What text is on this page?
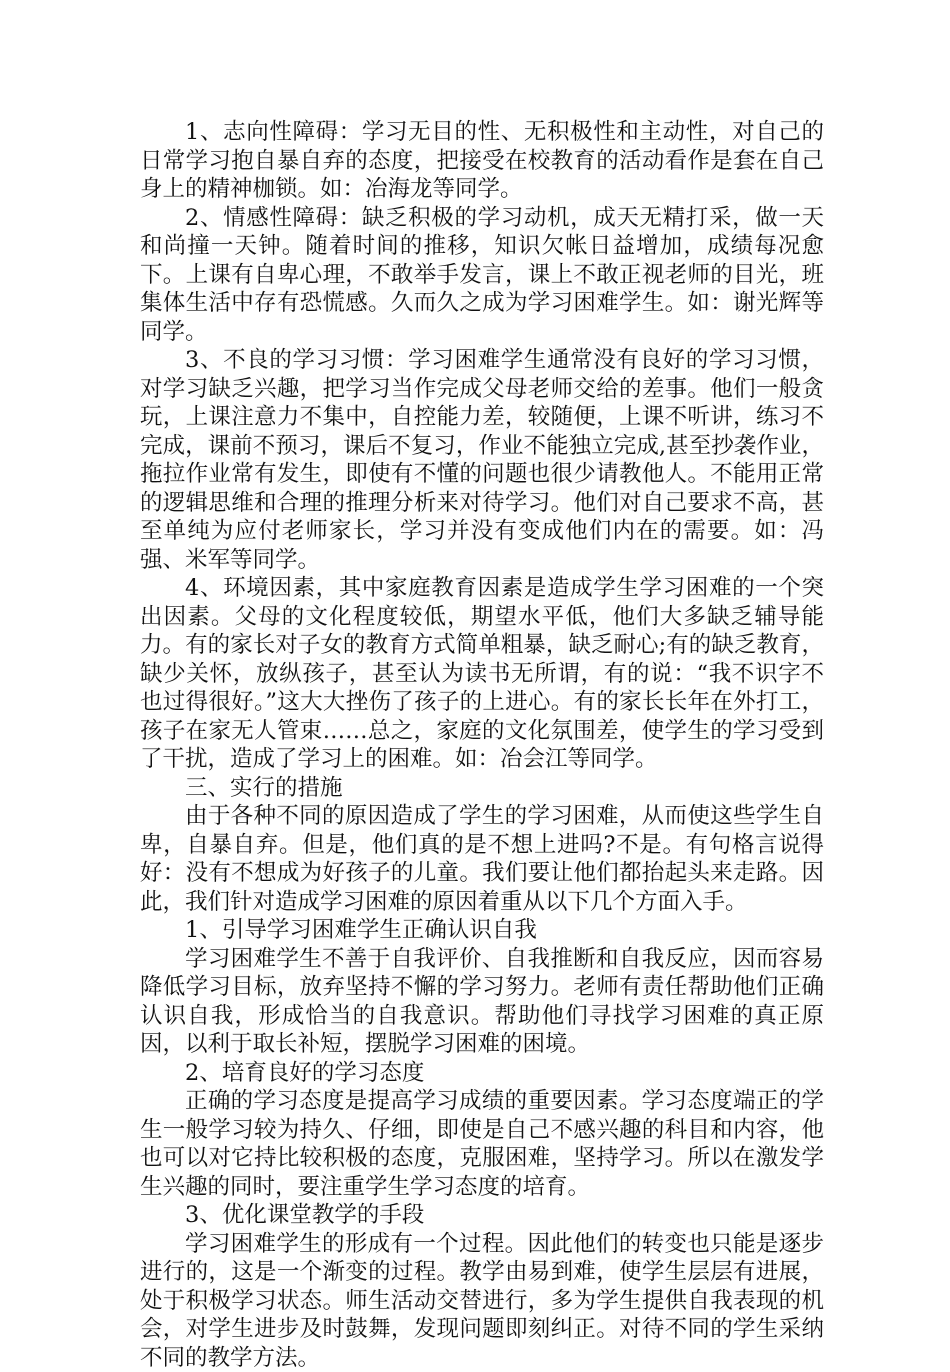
1、志向性障碍：学习无目的性、无积极性和主动性，对自己的日常学习抱自暴自弃的态度，把接受在校教育的活动看作是套在自己身上的精神枷锁。如：冶海龙等同学。

2、情感性障碍：缺乏积极的学习动机，成天无精打采，做一天和尚撞一天钟。随着时间的推移，知识欠帐日益增加，成绩每况愈下。上课有自卑心理，不敢举手发言，课上不敢正视老师的目光，班集体生活中存有恐慌感。久而久之成为学习困难学生。如：谢光辉等同学。

3、不良的学习习惯：学习困难学生通常没有良好的学习习惯，对学习缺乏兴趣，把学习当作完成父母老师交给的差事。他们一般贪玩，上课注意力不集中，自控能力差，较随便，上课不听讲，练习不完成，课前不预习，课后不复习，作业不能独立完成,甚至抄袭作业，拖拉作业常有发生，即使有不懂的问题也很少请教他人。不能用正常的逻辑思维和合理的推理分析来对待学习。他们对自己要求不高，甚至单纯为应付老师家长，学习并没有变成他们内在的需要。如：冯强、米军等同学。

4、环境因素，其中家庭教育因素是造成学生学习困难的一个突出因素。父母的文化程度较低，期望水平低，他们大多缺乏辅导能力。有的家长对子女的教育方式简单粗暴，缺乏耐心;有的缺乏教育，缺少关怀，放纵孩子，甚至认为读书无所谓，有的说：“我不识字不也过得很好。”这大大挫伤了孩子的上进心。有的家长长年在外打工，孩子在家无人管束……总之，家庭的文化氛围差，使学生的学习受到了干扰，造成了学习上的困难。如：冶会江等同学。

三、实行的措施

由于各种不同的原因造成了学生的学习困难，从而使这些学生自卑，自暴自弃。但是，他们真的是不想上进吗?不是。有句格言说得好：没有不想成为好孩子的儿童。我们要让他们都抬起头来走路。因此，我们针对造成学习困难的原因着重从以下几个方面入手。

1、引导学习困难学生正确认识自我

学习困难学生不善于自我评价、自我推断和自我反应，因而容易降低学习目标，放弃坚持不懈的学习努力。老师有责任帮助他们正确认识自我，形成恰当的自我意识。帮助他们寻找学习困难的真正原因，以利于取长补短，摆脱学习困难的困境。

2、培育良好的学习态度

正确的学习态度是提高学习成绩的重要因素。学习态度端正的学生一般学习较为持久、仔细，即使是自己不感兴趣的科目和内容，他也可以对它持比较积极的态度，克服困难，坚持学习。所以在激发学生兴趣的同时，要注重学生学习态度的培育。

3、优化课堂教学的手段

学习困难学生的形成有一个过程。因此他们的转变也只能是逐步进行的，这是一个渐变的过程。教学由易到难，使学生层层有进展，处于积极学习状态。师生活动交替进行，多为学生提供自我表现的机会，对学生进步及时鼓舞，发现问题即刻纠正。对待不同的学生采纳不同的教学方法。
